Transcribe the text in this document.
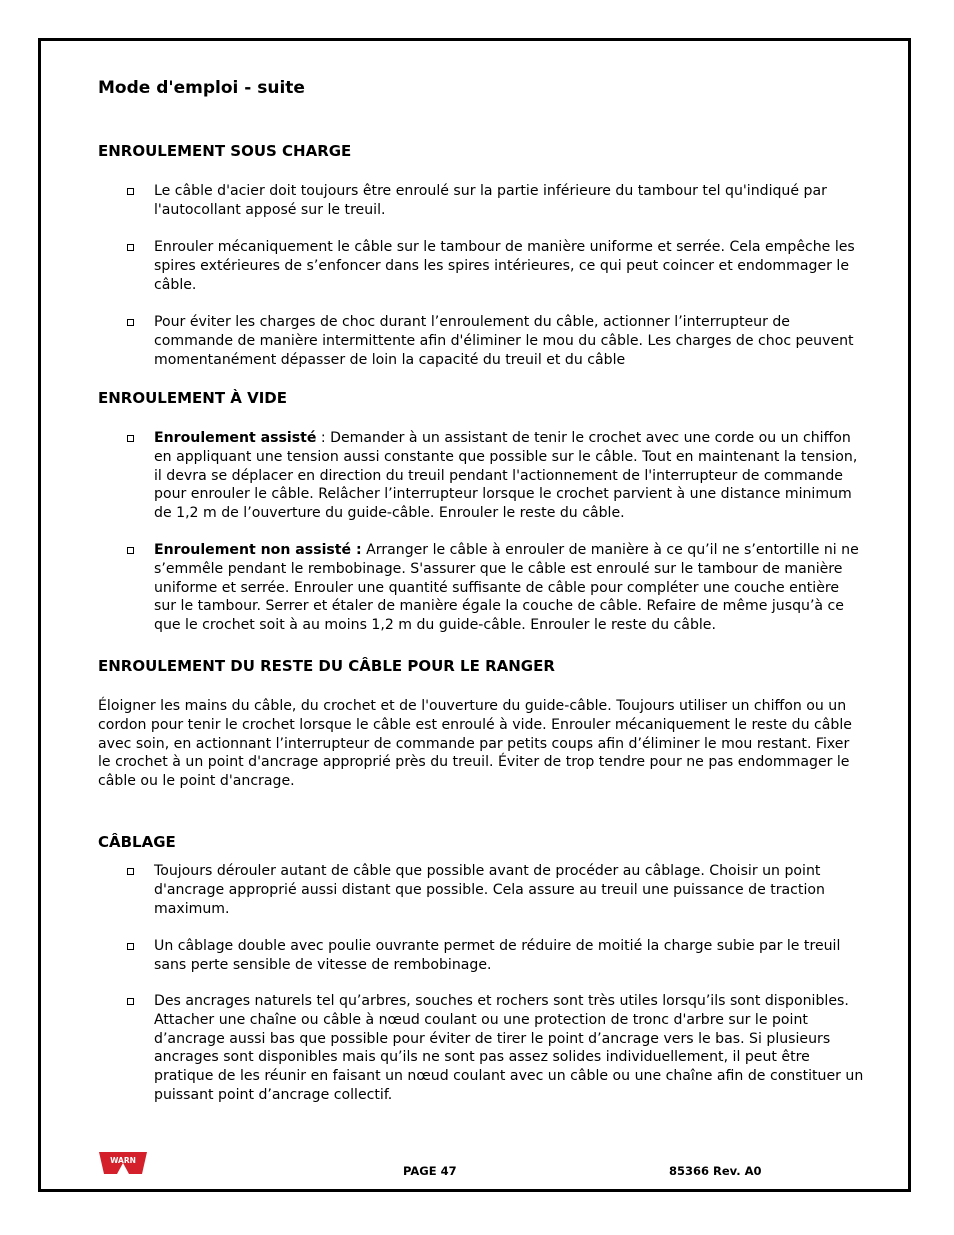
Mode d'emploi - suite
ENROULEMENT SOUS CHARGE
Le câble d'acier doit toujours être enroulé sur la partie inférieure du tambour tel qu'indiqué par l'autocollant apposé sur le treuil.
Enrouler mécaniquement le câble sur le tambour de manière uniforme et serrée. Cela empêche les spires extérieures de s’enfoncer dans les spires intérieures, ce qui peut coincer et endommager le câble.
Pour éviter les charges de choc durant l’enroulement du câble, actionner l’interrupteur de commande de manière intermittente afin d'éliminer le mou du câble. Les charges de choc peuvent momentanément dépasser de loin la capacité du treuil et du câble
ENROULEMENT À VIDE
Enroulement assisté : Demander à un assistant de tenir le crochet avec une corde ou un chiffon en appliquant une tension aussi constante que possible sur le câble. Tout en maintenant la tension, il devra se déplacer en direction du treuil pendant l'actionnement de l'interrupteur de commande pour enrouler le câble. Relâcher l’interrupteur lorsque le crochet parvient à une distance minimum de 1,2 m de l’ouverture du guide-câble. Enrouler le reste du câble.
Enroulement non assisté : Arranger le câble à enrouler de manière à ce qu’il ne s’entortille ni ne s’emmêle pendant le rembobinage. S'assurer que le câble est enroulé sur le tambour de manière uniforme et serrée. Enrouler une quantité suffisante de câble pour compléter une couche entière sur le tambour. Serrer et étaler de manière égale la couche de câble. Refaire de même jusqu’à ce que le crochet soit à au moins 1,2 m du guide-câble. Enrouler le reste du câble.
ENROULEMENT DU RESTE DU CÂBLE POUR LE RANGER
Éloigner les mains du câble, du crochet et de l'ouverture du guide-câble. Toujours utiliser un chiffon ou un cordon pour tenir le crochet lorsque le câble est enroulé à vide. Enrouler mécaniquement le reste du câble avec soin, en actionnant l’interrupteur de commande par petits coups afin d’éliminer le mou restant. Fixer le crochet à un point d'ancrage approprié près du treuil. Éviter de trop tendre pour ne pas endommager le câble ou le point d'ancrage.
CÂBLAGE
Toujours dérouler autant de câble que possible avant de procéder au câblage. Choisir un point d'ancrage approprié aussi distant que possible. Cela assure au treuil une puissance de traction maximum.
Un câblage double avec poulie ouvrante permet de réduire de moitié la charge subie par le treuil sans perte sensible de vitesse de rembobinage.
Des ancrages naturels tel qu’arbres, souches et rochers sont très utiles lorsqu’ils sont disponibles. Attacher une chaîne ou câble à nœud coulant ou une protection de tronc d'arbre sur le point d’ancrage aussi bas que possible pour éviter de tirer le point d’ancrage vers le bas. Si plusieurs ancrages sont disponibles mais qu’ils ne sont pas assez solides individuellement, il peut être pratique de les réunir en faisant un nœud coulant avec un câble ou une chaîne afin de constituer un puissant point d’ancrage collectif.
WARN
PAGE 47	85366 Rev. A0
